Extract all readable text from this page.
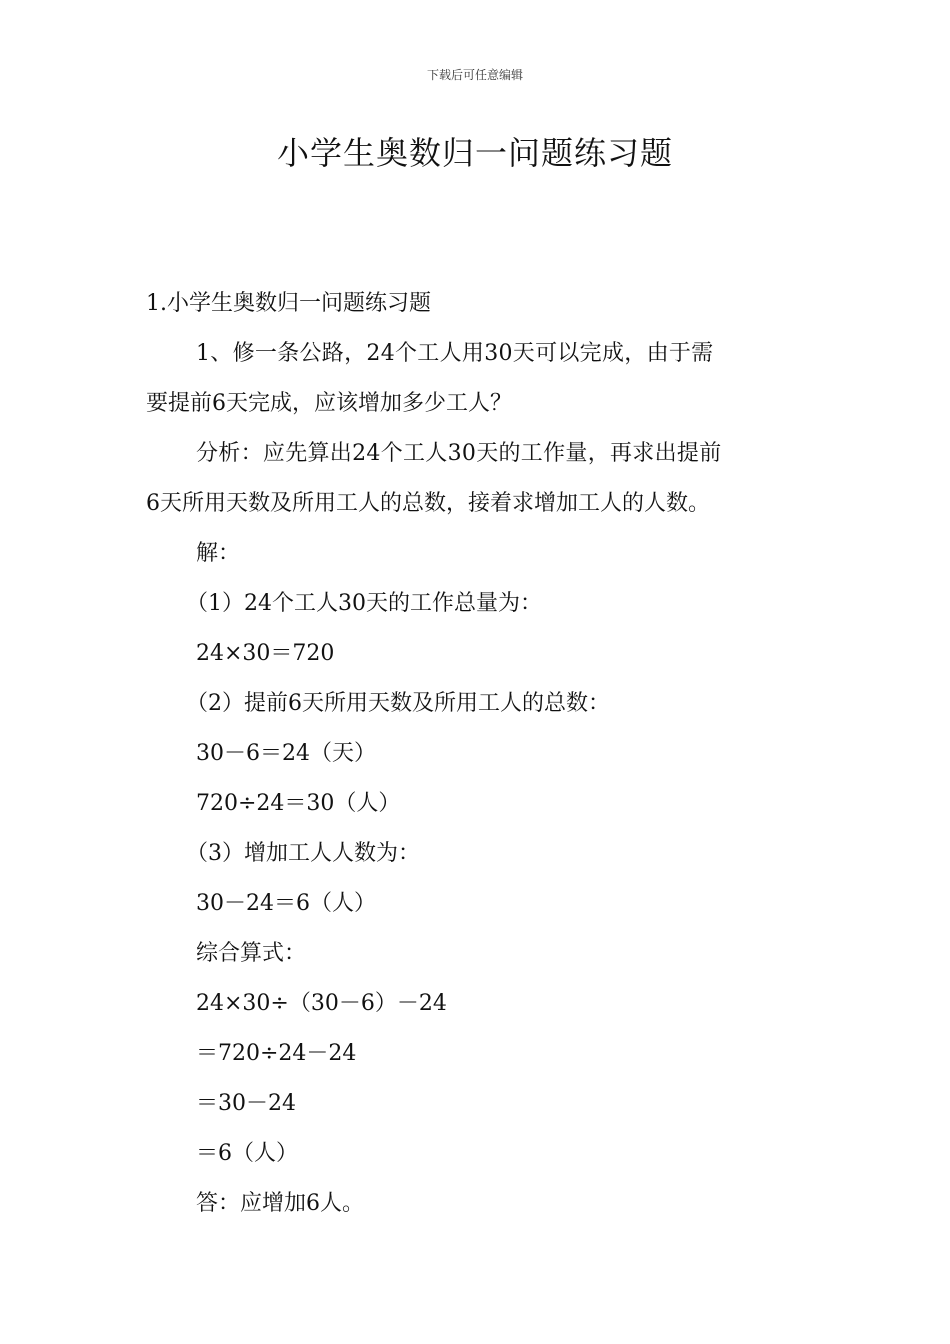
下载后可任意编辑
小学生奥数归一问题练习题
1.小学生奥数归一问题练习题
1、修一条公路，24个工人用30天可以完成，由于需
要提前6天完成，应该增加多少工人？
分析：应先算出24个工人30天的工作量，再求出提前
6天所用天数及所用工人的总数，接着求增加工人的人数。
解：
（1）24个工人30天的工作总量为：
24×30＝720
（2）提前6天所用天数及所用工人的总数：
30－6＝24（天）
720÷24＝30（人）
（3）增加工人人数为：
30－24＝6（人）
综合算式：
24×30÷（30－6）－24
＝720÷24－24
＝30－24
＝6（人）
答：应增加6人。
